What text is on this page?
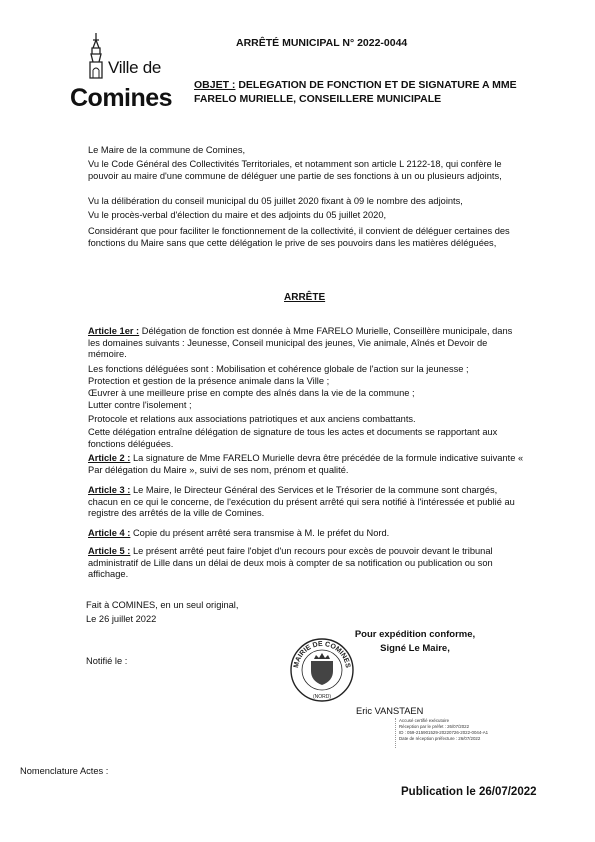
Ville de
Comines
ARRÊTÉ MUNICIPAL N° 2022-0044
OBJET : DELEGATION DE FONCTION ET DE SIGNATURE A MME FARELO MURIELLE, CONSEILLERE MUNICIPALE

Le Maire de la commune de Comines,

Vu le Code Général des Collectivités Territoriales, et notamment son article L 2122-18, qui confère le pouvoir au maire d'une commune de déléguer une partie de ses fonctions à un ou plusieurs adjoints,

Vu la délibération du conseil municipal du 05 juillet 2020 fixant à 09 le nombre des adjoints,

Vu le procès-verbal d'élection du maire et des adjoints du 05 juillet 2020,

Considérant que pour faciliter le fonctionnement de la collectivité, il convient de déléguer certaines des fonctions du Maire sans que cette délégation le prive de ses pouvoirs dans les matières déléguées,

ARRÊTE

Article 1er : Délégation de fonction est donnée à Mme FARELO Murielle, Conseillère municipale, dans les domaines suivants : Jeunesse, Conseil municipal des jeunes, Vie animale, Aînés et Devoir de mémoire.

Les fonctions déléguées sont : Mobilisation et cohérence globale de l'action sur la jeunesse ;

Protection et gestion de la présence animale dans la Ville ;

Œuvrer à une meilleure prise en compte des aînés dans la vie de la commune ;

Lutter contre l'isolement ;

Protocole et relations aux associations patriotiques et aux anciens combattants.

Cette délégation entraîne délégation de signature de tous les actes et documents se rapportant aux fonctions déléguées.

Article 2 : La signature de Mme FARELO Murielle devra être précédée de la formule indicative suivante « Par délégation du Maire », suivi de ses nom, prénom et qualité.

Article 3 : Le Maire, le Directeur Général des Services et le Trésorier de la commune sont chargés, chacun en ce qui le concerne, de l'exécution du présent arrêté qui sera notifié à l'intéressée et publié au registre des arrêtés de la ville de Comines.

Article 4 : Copie du présent arrêté sera transmise à M. le préfet du Nord.

Article 5 : Le présent arrêté peut faire l'objet d'un recours pour excès de pouvoir devant le tribunal administratif de Lille dans un délai de deux mois à compter de sa notification ou publication ou son affichage.

Fait à COMINES, en un seul original,
Le 26 juillet 2022
Notifié le :
Pour expédition conforme,
Signé Le Maire,
MAIRIE DE COMINES
(NORD)
Eric VANSTAEN
Accusé certifié exécutoire
Réception par le préfet : 26/07/2022
ID : 059-215901529-20220726-2022-0044-A1
Date de réception préfecture : 26/07/2022
Nomenclature Actes :
Publication le 26/07/2022
